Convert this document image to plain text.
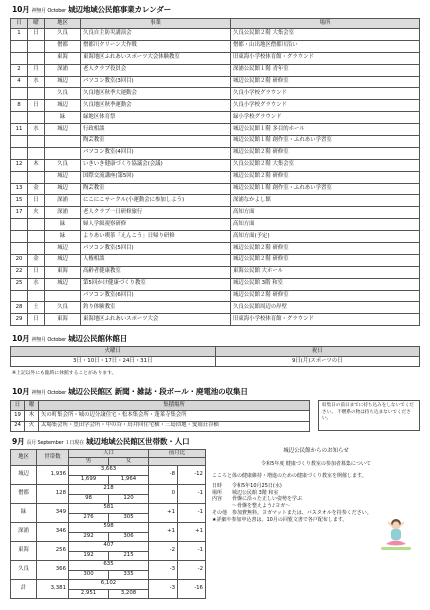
10月 神無月 October 城辺地域公民館事業カレンダー
日	曜	地区	事業	場所
1	日	久良	久良自主防災講演会	久良公民館２階 大集会室
		僧都	僧都川クリーン大作戦	僧都・山出地区僧都川沿い
		東海	東海地区ふれあいスポーツ大会体験教室	旧東海小学校体育館・グラウンド
2	月	深浦	老人クラブ役員会	深浦公民館１階 青年室
4	水	城辺	パソコン教室(3回目)	城辺公民館２階 研修室
		久良	久良地区秋季大運動会	久良小学校グラウンド
8	日	城辺	久良地区秋季運動会	久良小学校グラウンド
		緑	緑地区体育祭	緑小学校グラウンド
11	水	城辺	行政相談	城辺公民館１階 多目的ホール
			陶芸教室	城辺公民館１階 創作室・ふれあい学習室
			パソコン教室(4回目)	城辺公民館２階 研修室
12	木	久良	いきいき健康づくり協議会(会議)	久良公民館２階 大集会室
		城辺	国際交流講座(第5回)	城辺公民館２階 研修室
13	金	城辺	陶芸教室	城辺公民館１階 創作室・ふれあい学習室
15	日	深浦	にこにこサークル(小運動会に参加しよう)	深浦なかよし館
17	火	深浦	老人クラブ一日研修旅行	高知方面
		緑	婦人学級視察研修	高知方面
		緑	よりあい喫茶「えんこう」日帰り研修	高知方面(予定)
		城辺	パソコン教室(5回目)	城辺公民館２階 研修室
20	金	城辺	人権相談	城辺公民館２階 研修室
22	日	東海	高齢者健康教室	東海公民館 大ホール
25	水	城辺	第5回かけ健康づくり教室	城辺公民館 3階 和室
			パソコン教室(6回目)	城辺公民館２階 研修室
28	土	久良	釣り体験教室	久良公民館周辺の岸壁
29	日	東海	東海地区ふれあいスポーツ大会	旧東海小学校体育館・グラウンド
10月 神無月 October 城辺公民館休館日
火曜日	祝日
3日・10日・17日・24日・31日	9日(月)スポーツの日
※上記以外にも臨時に休館することがあります。
10月 神無月 October 城辺公民館区 新聞・雑誌・段ボール・廃電池の収集日
日	曜	集積場所
19	木	矢の町集会所・城の辺分譲住宅・松本集会所・蓬莱寺集会所
24	火	太場集会所・豊田学会所・中の谷・鳥井回住宅横・三島団地・愛雨荘谷横
収集日の前日までに持ち込みをしないでください。 不燃系の物は持ち込まないでください。
9月 長月 September １日現在 城辺地域公民館区世帯数・人口
地区	世帯数	人口		前月比	
		男	女		
城辺	1,936	3,663		-8	-12
		1,699	1,964		
僧都	128	218		0	-1
		98	120		
緑	349	581		+1	-1
		276	305		
深浦	346	598		+1	+1
		292	306		
東海	256	407		-2	-1
		192	215		
久良	366	635		-3	-2
		300	335		
計	3,381	6,102		-3	-16
		2,951	3,208		
城辺公民館からのお知らせ
令和5年度 健康づくり教室の参加者募集について

こころと体の健康維持・増進のための健康づくり教室を開催します。

日時　　令和5年10月25日(水)

場所　　城辺公民館 3階 和室

内容　　骨盤に沿った正しい姿勢を学ぶ

　　　　～骨盤を整えよう♪ヨガ～

その他　参加費無料。ヨガマットまたは、バスタオルを持参ください。

★詳細や参加申込書は、10月の回覧文書で各戸配布します。
